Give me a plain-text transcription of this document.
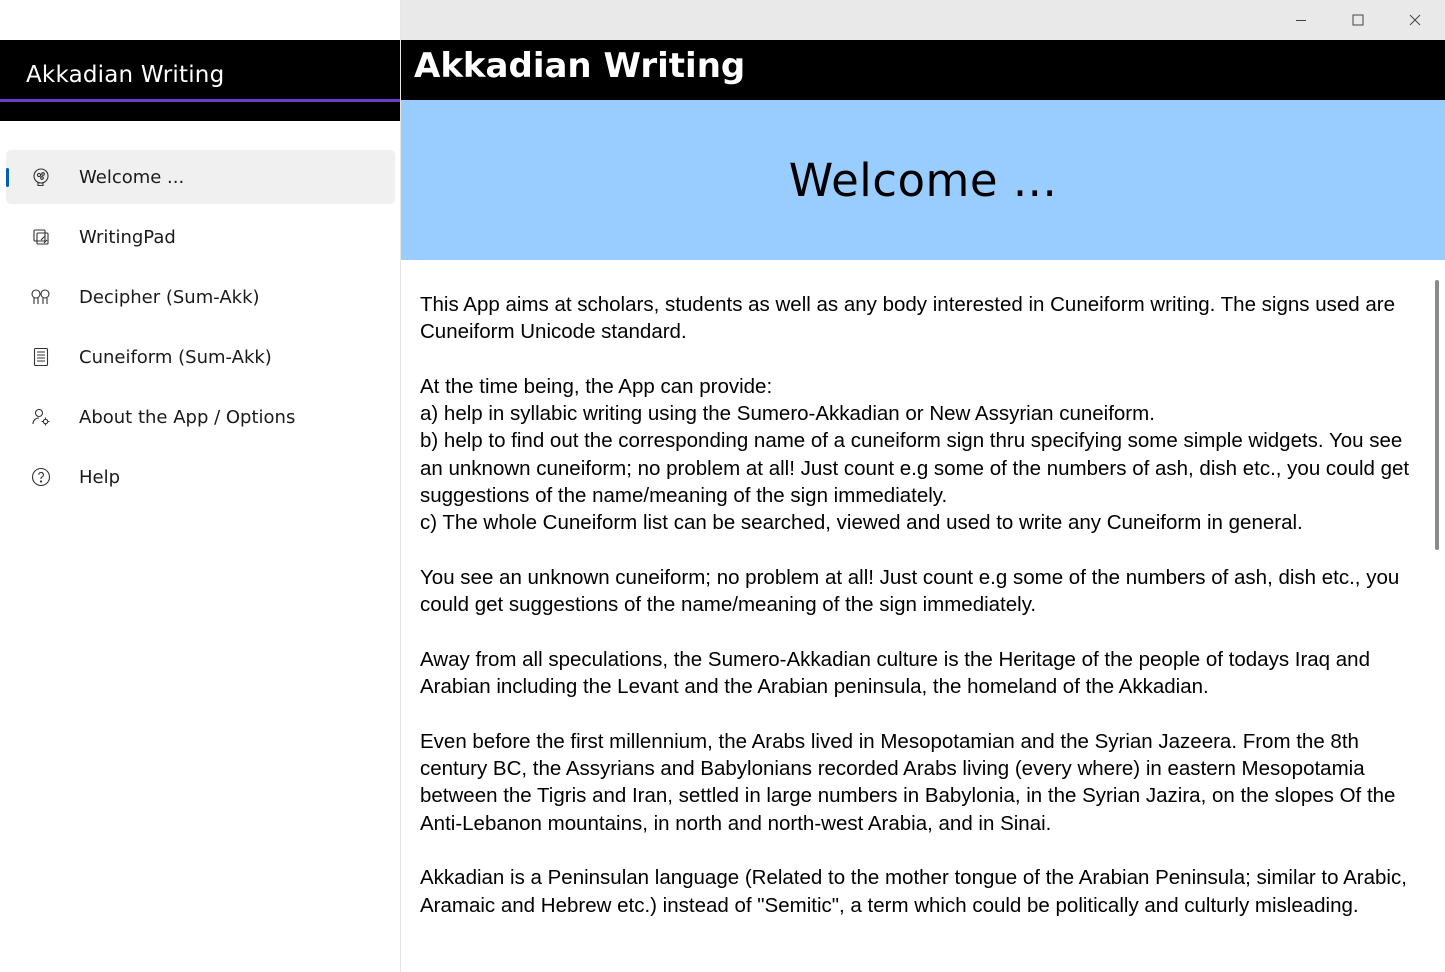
Akkadian Writing
Welcome ...
WritingPad
Decipher (Sum-Akk)
Cuneiform (Sum-Akk)
About the App / Options
Help
Akkadian Writing
Welcome ...

This App aims at scholars, students as well as any body interested in Cuneiform writing. The signs used are Cuneiform Unicode standard.

At the time being, the App can provide:

a) help in syllabic writing using the Sumero-Akkadian or New Assyrian cuneiform.

b) help to find out the corresponding name of a cuneiform sign thru specifying some simple widgets. You see an unknown cuneiform; no problem at all! Just count e.g some of the numbers of ash, dish etc., you could get suggestions of the name/meaning of the sign immediately.

c) The whole Cuneiform list can be searched, viewed and used to write any Cuneiform in general.

You see an unknown cuneiform; no problem at all! Just count e.g some of the numbers of ash, dish etc., you could get suggestions of the name/meaning of the sign immediately.

Away from all speculations, the Sumero-Akkadian culture is the Heritage of the people of todays Iraq and Arabian including the Levant and the Arabian peninsula, the homeland of the Akkadian.

Even before the first millennium, the Arabs lived in Mesopotamian and the Syrian Jazeera. From the 8th century BC, the Assyrians and Babylonians recorded Arabs living (every where) in eastern Mesopotamia between the Tigris and Iran, settled in large numbers in Babylonia, in the Syrian Jazira, on the slopes Of the Anti-Lebanon mountains, in north and north-west Arabia, and in Sinai.

Akkadian is a Peninsulan language (Related to the mother tongue of the Arabian Peninsula; similar to Arabic, Aramaic and Hebrew etc.) instead of "Semitic", a term which could be politically and culturly misleading.
